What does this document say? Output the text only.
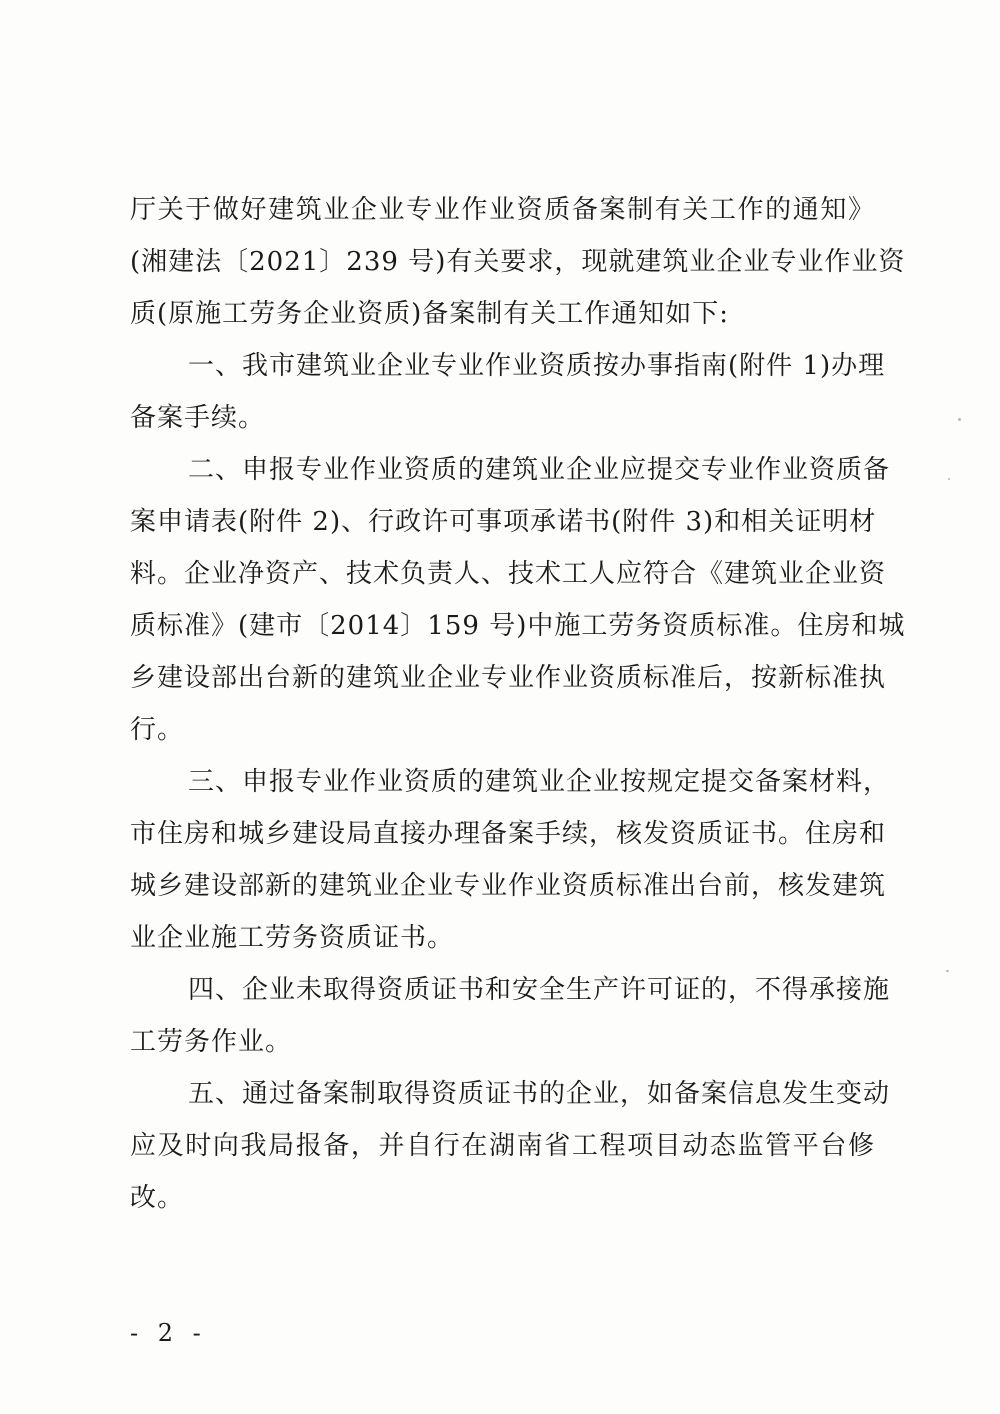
厅关于做好建筑业企业专业作业资质备案制有关工作的通知》
(湘建法〔2021〕239 号)有关要求，现就建筑业企业专业作业资
质(原施工劳务企业资质)备案制有关工作通知如下:
一、我市建筑业企业专业作业资质按办事指南(附件 1)办理
备案手续。
二、申报专业作业资质的建筑业企业应提交专业作业资质备
案申请表(附件 2)、行政许可事项承诺书(附件 3)和相关证明材
料。企业净资产、技术负责人、技术工人应符合《建筑业企业资
质标准》(建市〔2014〕159 号)中施工劳务资质标准。住房和城
乡建设部出台新的建筑业企业专业作业资质标准后，按新标准执
行。
三、申报专业作业资质的建筑业企业按规定提交备案材料，
市住房和城乡建设局直接办理备案手续，核发资质证书。住房和
城乡建设部新的建筑业企业专业作业资质标准出台前，核发建筑
业企业施工劳务资质证书。
四、企业未取得资质证书和安全生产许可证的，不得承接施
工劳务作业。
五、通过备案制取得资质证书的企业，如备案信息发生变动
应及时向我局报备，并自行在湖南省工程项目动态监管平台修
改。
- 2 -
